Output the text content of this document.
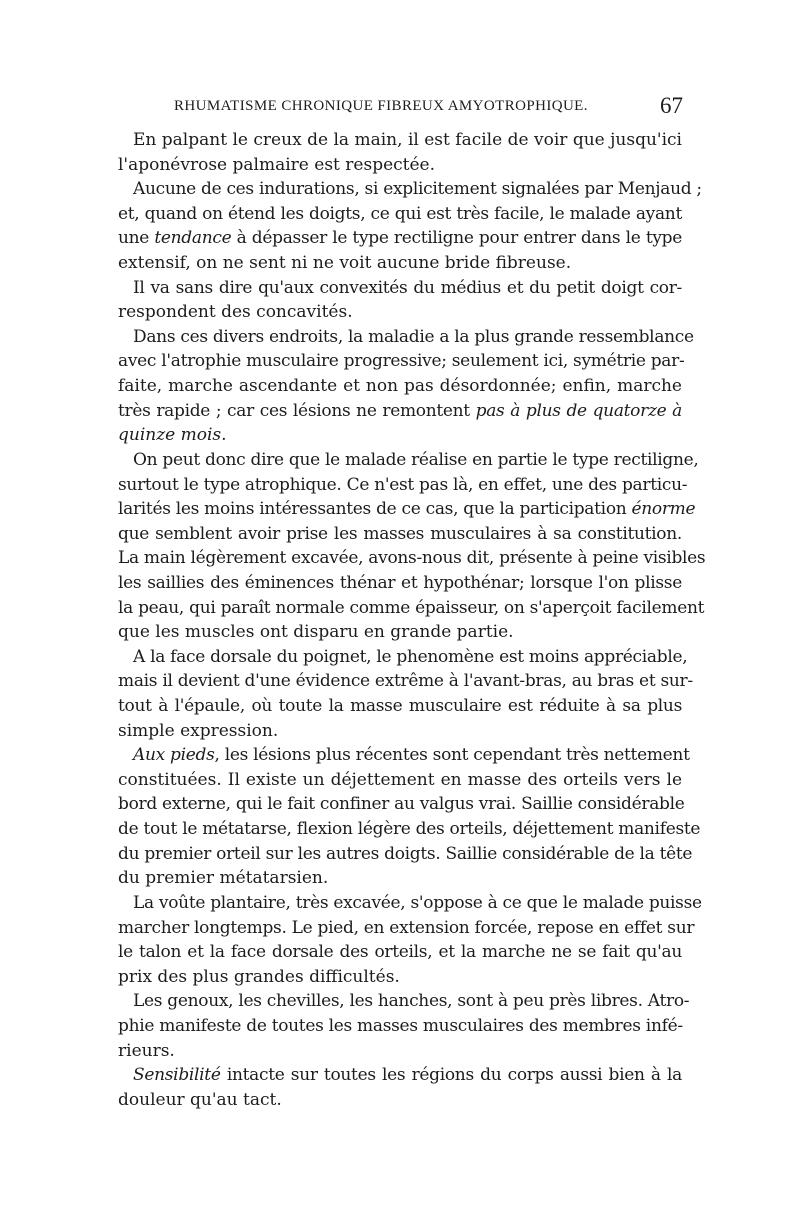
RHUMATISME CHRONIQUE FIBREUX AMYOTROPHIQUE.	67
En palpant le creux de la main, il est facile de voir que jusqu'ici
l'aponévrose palmaire est respectée.
Aucune de ces indurations, si explicitement signalées par Menjaud ;
et, quand on étend les doigts, ce qui est très facile, le malade ayant
une tendance à dépasser le type rectiligne pour entrer dans le type
extensif, on ne sent ni ne voit aucune bride fibreuse.
Il va sans dire qu'aux convexités du médius et du petit doigt cor-
respondent des concavités.
Dans ces divers endroits, la maladie a la plus grande ressemblance
avec l'atrophie musculaire progressive; seulement ici, symétrie par-
faite, marche ascendante et non pas désordonnée; enfin, marche
très rapide ; car ces lésions ne remontent pas à plus de quatorze à
quinze mois.
On peut donc dire que le malade réalise en partie le type rectiligne,
surtout le type atrophique. Ce n'est pas là, en effet, une des particu-
larités les moins intéressantes de ce cas, que la participation énorme
que semblent avoir prise les masses musculaires à sa constitution.
La main légèrement excavée, avons-nous dit, présente à peine visibles
les saillies des éminences thénar et hypothénar; lorsque l'on plisse
la peau, qui paraît normale comme épaisseur, on s'aperçoit facilement
que les muscles ont disparu en grande partie.
A la face dorsale du poignet, le phenomène est moins appréciable,
mais il devient d'une évidence extrême à l'avant-bras, au bras et sur-
tout à l'épaule, où toute la masse musculaire est réduite à sa plus
simple expression.
Aux pieds, les lésions plus récentes sont cependant très nettement
constituées. Il existe un déjettement en masse des orteils vers le
bord externe, qui le fait confiner au valgus vrai. Saillie considérable
de tout le métatarse, flexion légère des orteils, déjettement manifeste
du premier orteil sur les autres doigts. Saillie considérable de la tête
du premier métatarsien.
La voûte plantaire, très excavée, s'oppose à ce que le malade puisse
marcher longtemps. Le pied, en extension forcée, repose en effet sur
le talon et la face dorsale des orteils, et la marche ne se fait qu'au
prix des plus grandes difficultés.
Les genoux, les chevilles, les hanches, sont à peu près libres. Atro-
phie manifeste de toutes les masses musculaires des membres infé-
rieurs.
Sensibilité intacte sur toutes les régions du corps aussi bien à la
douleur qu'au tact.
